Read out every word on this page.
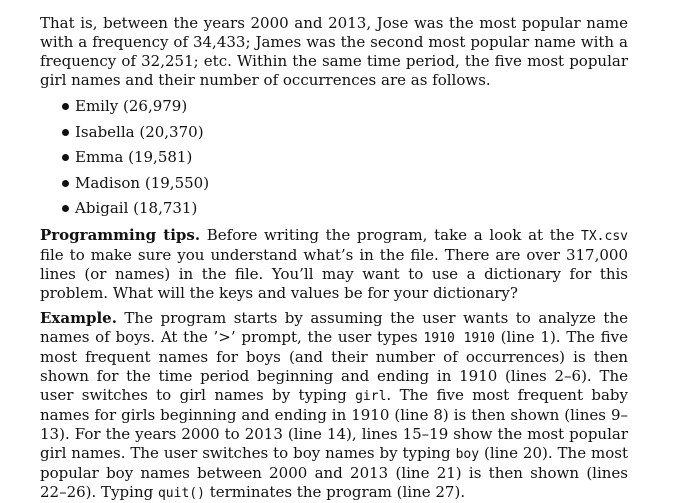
That is, between the years 2000 and 2013, Jose was the most popular name with a frequency of 34,433; James was the second most popular name with a frequency of 32,251; etc. Within the same time period, the five most popular girl names and their number of occurrences are as follows.

Emily (26,979)
Isabella (20,370)
Emma (19,581)
Madison (19,550)
Abigail (18,731)

Programming tips. Before writing the program, take a look at the TX.csv file to make sure you understand what’s in the file. There are over 317,000 lines (or names) in the file. You’ll may want to use a dictionary for this problem. What will the keys and values be for your dictionary?

Example. The program starts by assuming the user wants to analyze the names of boys. At the ’>’ prompt, the user types 1910 1910 (line 1). The five most frequent names for boys (and their number of occurrences) is then shown for the time period beginning and ending in 1910 (lines 2–6). The user switches to girl names by typing girl. The five most frequent baby names for girls beginning and ending in 1910 (line 8) is then shown (lines 9–13). For the years 2000 to 2013 (line 14), lines 15–19 show the most popular girl names. The user switches to boy names by typing boy (line 20). The most popular boy names between 2000 and 2013 (line 21) is then shown (lines 22–26). Typing quit() terminates the program (line 27).
